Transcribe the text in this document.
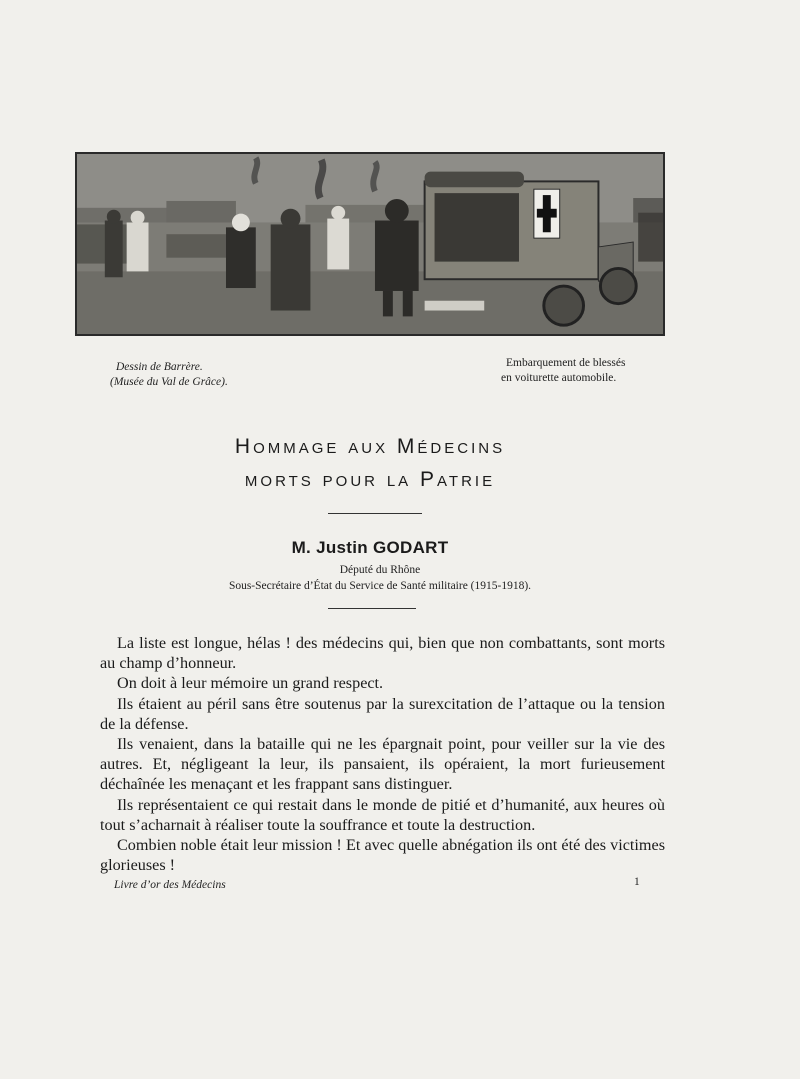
Dessin de Barrère.
(Musée du Val de Grâce).
Embarquement de blessés
en voiturette automobile.
Hommage aux Médecins
morts pour la Patrie
M. Justin GODART
Député du Rhône
Sous-Secrétaire d’État du Service de Santé militaire (1915-1918).

La liste est longue, hélas ! des médecins qui, bien que non combattants, sont morts au champ d’honneur.

On doit à leur mémoire un grand respect.

Ils étaient au péril sans être soutenus par la surexcitation de l’attaque ou la tension de la défense.

Ils venaient, dans la bataille qui ne les épargnait point, pour veiller sur la vie des autres. Et, négligeant la leur, ils pansaient, ils opéraient, la mort furieusement déchaînée les menaçant et les frappant sans distinguer.

Ils représentaient ce qui restait dans le monde de pitié et d’humanité, aux heures où tout s’acharnait à réaliser toute la souffrance et toute la destruction.

Combien noble était leur mission ! Et avec quelle abnégation ils ont été des victimes glorieuses !

Livre d’or des Médecins	1
